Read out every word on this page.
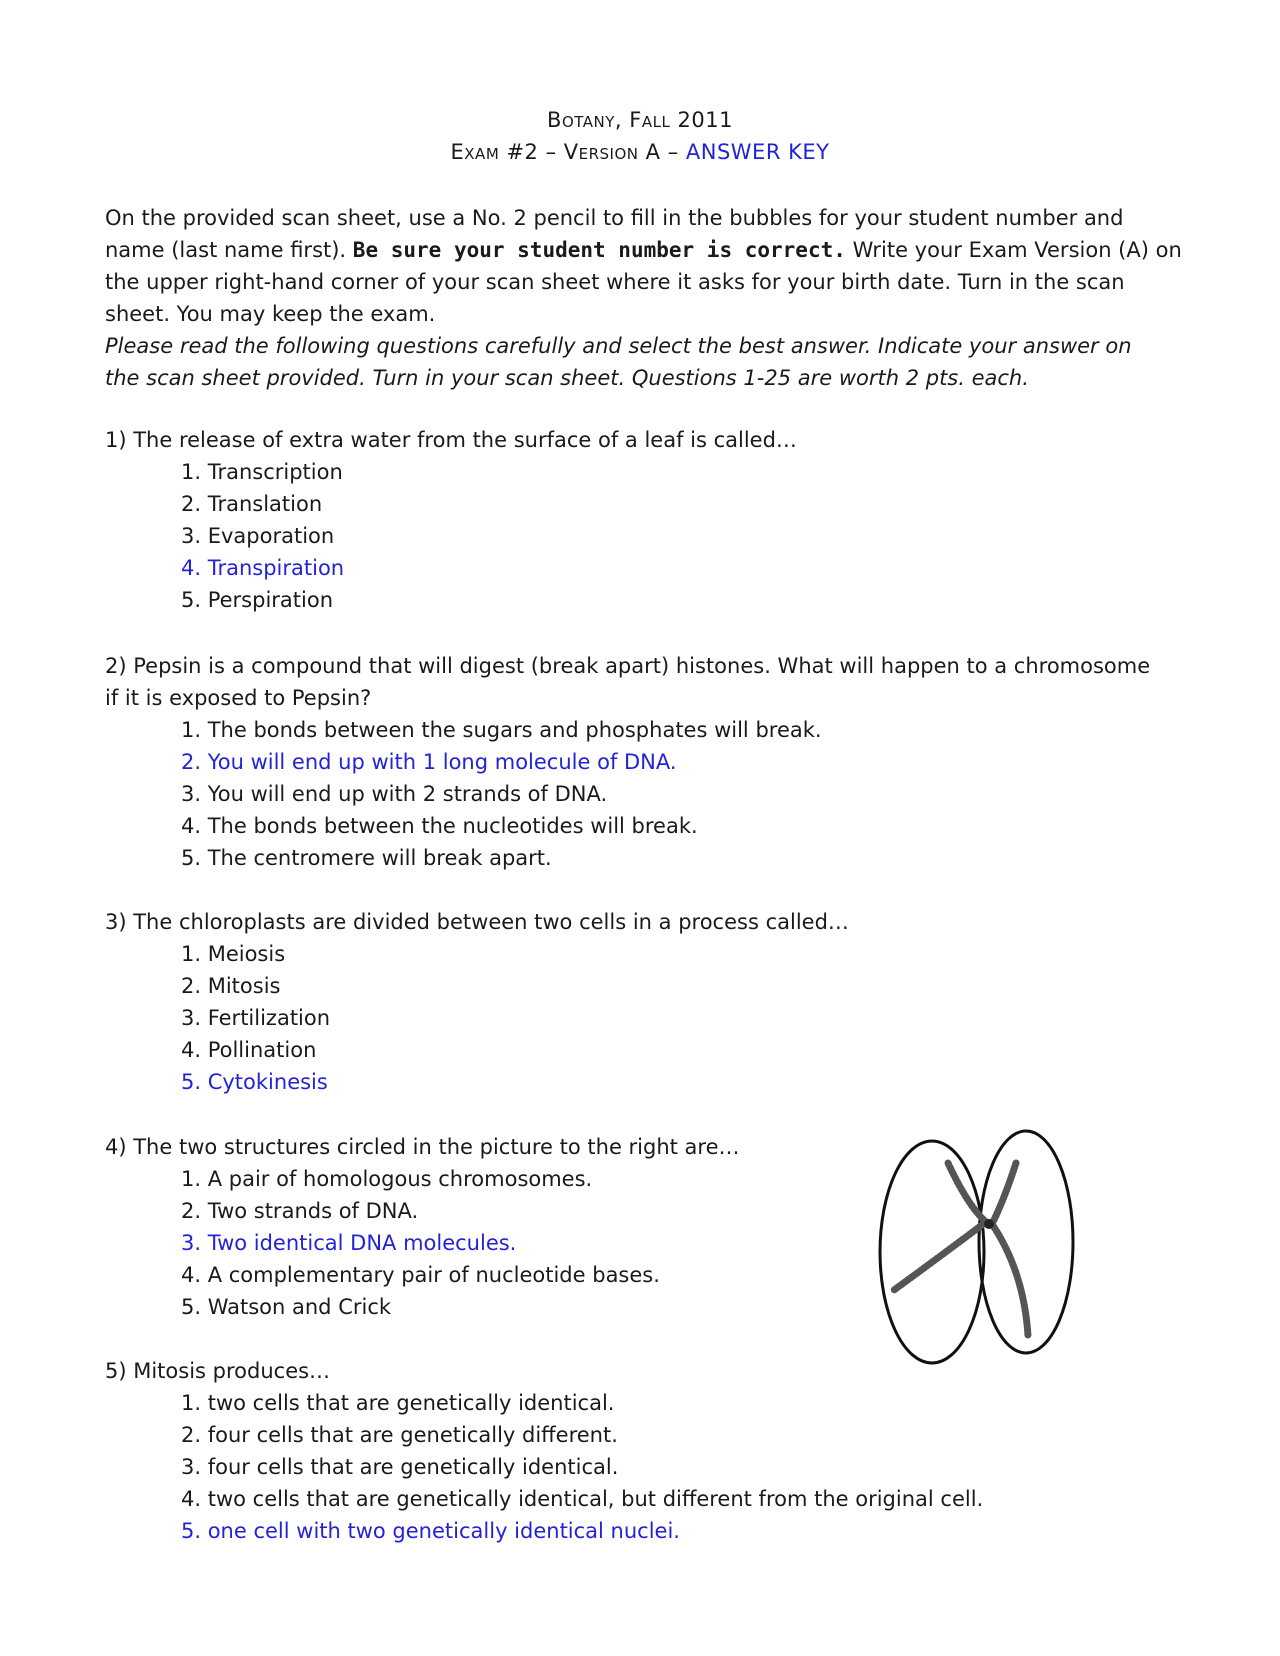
Botany, Fall 2011
Exam #2 – Version A – ANSWER KEY
On the provided scan sheet, use a No. 2 pencil to fill in the bubbles for your student number and
name (last name first). Be sure your student number is correct. Write your Exam Version (A) on
the upper right-hand corner of your scan sheet where it asks for your birth date. Turn in the scan
sheet. You may keep the exam.
Please read the following questions carefully and select the best answer. Indicate your answer on
the scan sheet provided. Turn in your scan sheet. Questions 1-25 are worth 2 pts. each.
1) The release of extra water from the surface of a leaf is called…
1. Transcription
2. Translation
3. Evaporation
4. Transpiration
5. Perspiration
2) Pepsin is a compound that will digest (break apart) histones. What will happen to a chromosome
if it is exposed to Pepsin?
1. The bonds between the sugars and phosphates will break.
2. You will end up with 1 long molecule of DNA.
3. You will end up with 2 strands of DNA.
4. The bonds between the nucleotides will break.
5. The centromere will break apart.
3) The chloroplasts are divided between two cells in a process called…
1. Meiosis
2. Mitosis
3. Fertilization
4. Pollination
5. Cytokinesis
4) The two structures circled in the picture to the right are…
1. A pair of homologous chromosomes.
2. Two strands of DNA.
3. Two identical DNA molecules.
4. A complementary pair of nucleotide bases.
5. Watson and Crick
5) Mitosis produces…
1. two cells that are genetically identical.
2. four cells that are genetically different.
3. four cells that are genetically identical.
4. two cells that are genetically identical, but different from the original cell.
5. one cell with two genetically identical nuclei.
